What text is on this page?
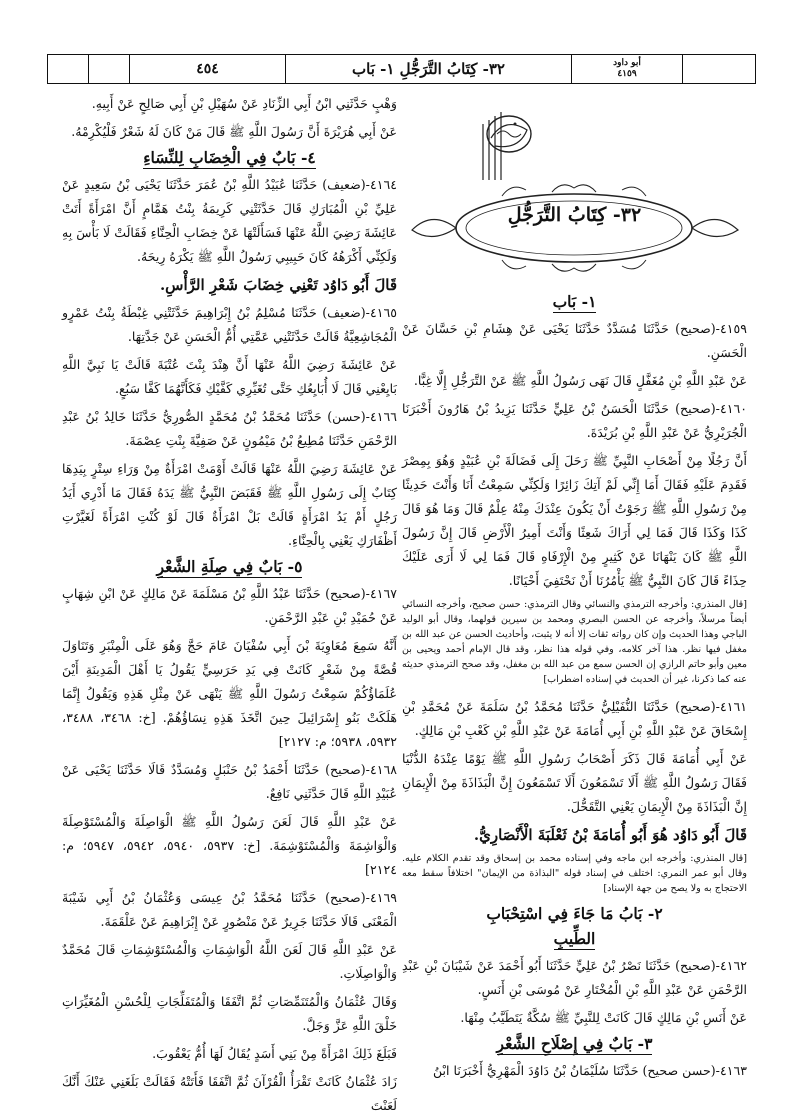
٤٥٤	٣٢- كِتَابُ التَّرَجُّلِ ١- بَاب	أبو داود
٤١٥٩

وَهْبٍ حَدَّثَنِي ابْنُ أَبِي الزِّنَادِ عَنْ سُهَيْلِ بْنِ أَبِي صَالِحٍ عَنْ أَبِيهِ.

عَنْ أَبِي هُرَيْرَةَ أَنَّ رَسُولَ اللَّهِ ﷺ قَالَ مَنْ كَانَ لَهُ شَعْرٌ فَلْيُكْرِمْهُ.

٤- بَابٌ فِي الْخِضَابِ لِلنِّسَاءِ

٤١٦٤-(ضعيف) حَدَّثَنَا عُبَيْدُ اللَّهِ بْنُ عُمَرَ حَدَّثَنَا يَحْيَى بْنُ سَعِيدٍ عَنْ عَلِيِّ بْنِ الْمُبَارَكِ قَالَ حَدَّثَتْنِي كَرِيمَةُ بِنْتُ هَمَّامٍ أَنَّ امْرَأَةً أَتَتْ عَائِشَةَ رَضِيَ اللَّهُ عَنْهَا فَسَأَلَتْهَا عَنْ خِضَابِ الْحِنَّاءِ فَقَالَتْ لَا بَأْسَ بِهِ وَلَكِنِّي أَكْرَهُهُ كَانَ حَبِيبِي رَسُولُ اللَّهِ ﷺ يَكْرَهُ رِيحَهُ.

قَالَ أَبُو دَاوُد تَعْنِي خِضَابَ شَعْرِ الرَّأْسِ.

٤١٦٥-(ضعيف) حَدَّثَنَا مُسْلِمُ بْنُ إِبْرَاهِيمَ حَدَّثَتْنِي غِبْطَةُ بِنْتُ عَمْرٍو الْمُجَاشِعِيَّةُ قَالَتْ حَدَّثَتْنِي عَمَّتِي أُمُّ الْحَسَنِ عَنْ جَدَّتِهَا.

عَنْ عَائِشَةَ رَضِيَ اللَّهُ عَنْهَا أَنَّ هِنْدَ بِنْتَ عُتْبَةَ قَالَتْ يَا نَبِيَّ اللَّهِ بَايِعْنِي قَالَ لَا أُبَايِعُكِ حَتَّى تُغَيِّرِي كَفَّيْكِ فَكَأَنَّهُمَا كَفَّا سَبُعٍ.

٤١٦٦-(حسن) حَدَّثَنَا مُحَمَّدُ بْنُ مُحَمَّدٍ الصُّورِيُّ حَدَّثَنَا خَالِدُ بْنُ عَبْدِ الرَّحْمَنِ حَدَّثَنَا مُطِيعُ بْنُ مَيْمُونٍ عَنْ صَفِيَّةَ بِنْتِ عِصْمَةَ.

عَنْ عَائِشَةَ رَضِيَ اللَّهُ عَنْهَا قَالَتْ أَوْمَتْ امْرَأَةٌ مِنْ وَرَاءِ سِتْرٍ بِيَدِهَا كِتَابٌ إِلَى رَسُولِ اللَّهِ ﷺ فَقَبَضَ النَّبِيُّ ﷺ يَدَهُ فَقَالَ مَا أَدْرِي أَيَدُ رَجُلٍ أَمْ يَدُ امْرَأَةٍ قَالَتْ بَلْ امْرَأَةٌ قَالَ لَوْ كُنْتِ امْرَأَةً لَغَيَّرْتِ أَظْفَارَكِ يَعْنِي بِالْحِنَّاءِ.

٥- بَابٌ فِي صِلَةِ الشَّعْرِ

٤١٦٧-(صحيح) حَدَّثَنَا عَبْدُ اللَّهِ بْنُ مَسْلَمَةَ عَنْ مَالِكٍ عَنْ ابْنِ شِهَابٍ عَنْ حُمَيْدِ بْنِ عَبْدِ الرَّحْمَنِ.

أَنَّهُ سَمِعَ مُعَاوِيَةَ بْنَ أَبِي سُفْيَانَ عَامَ حَجَّ وَهُوَ عَلَى الْمِنْبَرِ وَتَنَاوَلَ قُصَّةً مِنْ شَعْرٍ كَانَتْ فِي يَدِ حَرَسِيٍّ يَقُولُ يَا أَهْلَ الْمَدِينَةِ أَيْنَ عُلَمَاؤُكُمْ سَمِعْتُ رَسُولَ اللَّهِ ﷺ يَنْهَى عَنْ مِثْلِ هَذِهِ وَيَقُولُ إِنَّمَا هَلَكَتْ بَنُو إِسْرَائِيلَ حِينَ اتَّخَذَ هَذِهِ نِسَاؤُهُمْ. [خ: ٣٤٦٨، ٣٤٨٨، ٥٩٣٢، ٥٩٣٨؛ م: ٢١٢٧]

٤١٦٨-(صحيح) حَدَّثَنَا أَحْمَدُ بْنُ حَنْبَلٍ وَمُسَدَّدٌ قَالَا حَدَّثَنَا يَحْيَى عَنْ عُبَيْدِ اللَّهِ قَالَ حَدَّثَنِي نَافِعٌ.

عَنْ عَبْدِ اللَّهِ قَالَ لَعَنَ رَسُولُ اللَّهِ ﷺ الْوَاصِلَةَ وَالْمُسْتَوْصِلَةَ وَالْوَاشِمَةَ وَالْمُسْتَوْشِمَةَ. [خ: ٥٩٣٧، ٥٩٤٠، ٥٩٤٢، ٥٩٤٧؛ م: ٢١٢٤]

٤١٦٩-(صحيح) حَدَّثَنَا مُحَمَّدُ بْنُ عِيسَى وَعُثْمَانُ بْنُ أَبِي شَيْبَةَ الْمَعْنَى قَالَا حَدَّثَنَا جَرِيرٌ عَنْ مَنْصُورٍ عَنْ إِبْرَاهِيمَ عَنْ عَلْقَمَةَ.

عَنْ عَبْدِ اللَّهِ قَالَ لَعَنَ اللَّهُ الْوَاشِمَاتِ وَالْمُسْتَوْشِمَاتِ قَالَ مُحَمَّدٌ وَالْوَاصِلَاتِ.

وَقَالَ عُثْمَانُ وَالْمُتَنَمِّصَاتِ ثُمَّ اتَّفَقَا وَالْمُتَفَلِّجَاتِ لِلْحُسْنِ الْمُغَيِّرَاتِ خَلْقَ اللَّهِ عَزَّ وَجَلَّ.

فَبَلَغَ ذَلِكَ امْرَأَةً مِنْ بَنِي أَسَدٍ يُقَالُ لَهَا أُمُّ يَعْقُوبَ.

زَادَ عُثْمَانُ كَانَتْ تَقْرَأُ الْقُرْآنَ ثُمَّ اتَّفَقَا فَأَتَتْهُ فَقَالَتْ بَلَغَنِي عَنْكَ أَنَّكَ لَعَنْتَ

٣٢- كِتَابُ التَّرَجُّلِ
١- بَاب

٤١٥٩-(صحيح) حَدَّثَنَا مُسَدَّدٌ حَدَّثَنَا يَحْيَى عَنْ هِشَامِ بْنِ حَسَّانَ عَنْ الْحَسَنِ.

عَنْ عَبْدِ اللَّهِ بْنِ مُغَفَّلٍ قَالَ نَهَى رَسُولُ اللَّهِ ﷺ عَنْ التَّرَجُّلِ إِلَّا غِبًّا.

٤١٦٠-(صحيح) حَدَّثَنَا الْحَسَنُ بْنُ عَلِيٍّ حَدَّثَنَا يَزِيدُ بْنُ هَارُونَ أَخْبَرَنَا الْجُرَيْرِيُّ عَنْ عَبْدِ اللَّهِ بْنِ بُرَيْدَةَ.

أَنَّ رَجُلًا مِنْ أَصْحَابِ النَّبِيِّ ﷺ رَحَلَ إِلَى فَضَالَةَ بْنِ عُبَيْدٍ وَهُوَ بِمِصْرَ فَقَدِمَ عَلَيْهِ فَقَالَ أَمَا إِنِّي لَمْ آتِكَ زَائِرًا وَلَكِنِّي سَمِعْتُ أَنَا وَأَنْتَ حَدِيثًا مِنْ رَسُولِ اللَّهِ ﷺ رَجَوْتُ أَنْ يَكُونَ عِنْدَكَ مِنْهُ عِلْمٌ قَالَ وَمَا هُوَ قَالَ كَذَا وَكَذَا قَالَ فَمَا لِي أَرَاكَ شَعِثًا وَأَنْتَ أَمِيرُ الْأَرْضِ قَالَ إِنَّ رَسُولَ اللَّهِ ﷺ كَانَ يَنْهَانَا عَنْ كَثِيرٍ مِنْ الْإِرْفَاهِ قَالَ فَمَا لِي لَا أَرَى عَلَيْكَ حِذَاءً قَالَ كَانَ النَّبِيُّ ﷺ يَأْمُرُنَا أَنْ نَحْتَفِيَ أَحْيَانًا.

[قال المنذري: وأخرجه الترمذي والنسائي وقال الترمذي: حسن صحيح، وأخرجه النسائي أيضاً مرسلاً، وأخرجه عن الحسن البصري ومحمد بن سيرين قولهما، وقال أبو الوليد الباجي وهذا الحديث وإن كان رواته ثقات إلا أنه لا يثبت، وأحاديث الحسن عن عبد الله بن مغفل فيها نظر. هذا آخر كلامه، وفي قوله هذا نظر، وقد قال الإمام أحمد ويحيى بن معين وأبو حاتم الرازي إن الحسن سمع من عبد الله بن مغفل، وقد صحح الترمذي حديثه عنه كما ذكرنا، غير أن الحديث في إسناده اضطراب]

٤١٦١-(صحيح) حَدَّثَنَا النُّفَيْلِيُّ حَدَّثَنَا مُحَمَّدُ بْنُ سَلَمَةَ عَنْ مُحَمَّدِ بْنِ إِسْحَاقَ عَنْ عَبْدِ اللَّهِ بْنِ أَبِي أُمَامَةَ عَنْ عَبْدِ اللَّهِ بْنِ كَعْبِ بْنِ مَالِكٍ.

عَنْ أَبِي أُمَامَةَ قَالَ ذَكَرَ أَصْحَابُ رَسُولِ اللَّهِ ﷺ يَوْمًا عِنْدَهُ الدُّنْيَا فَقَالَ رَسُولُ اللَّهِ ﷺ أَلَا تَسْمَعُونَ أَلَا تَسْمَعُونَ إِنَّ الْبَذَاذَةَ مِنْ الْإِيمَانِ إِنَّ الْبَذَاذَةَ مِنْ الْإِيمَانِ يَعْنِي التَّقَحُّلَ.

قَالَ أَبُو دَاوُد هُوَ أَبُو أُمَامَةَ بْنُ ثَعْلَبَةَ الْأَنْصَارِيُّ.

[قال المنذري: وأخرجه ابن ماجه وفي إسناده محمد بن إسحاق وقد تقدم الكلام عليه. وقال أبو عمر النمري: اختلف في إسناد قوله "البذاذة من الإيمان" اختلافاً سقط معه الاحتجاج به ولا يصح من جهة الإسناد]

٢- بَابُ مَا جَاءَ فِي اسْتِحْبَابِ
الطِّيبِ

٤١٦٢-(صحيح) حَدَّثَنَا نَصْرُ بْنُ عَلِيٍّ حَدَّثَنَا أَبُو أَحْمَدَ عَنْ شَيْبَانَ بْنِ عَبْدِ الرَّحْمَنِ عَنْ عَبْدِ اللَّهِ بْنِ الْمُخْتَارِ عَنْ مُوسَى بْنِ أَنَسٍ.

عَنْ أَنَسِ بْنِ مَالِكٍ قَالَ كَانَتْ لِلنَّبِيِّ ﷺ سُكَّةٌ يَتَطَيَّبُ مِنْهَا.

٣- بَابٌ فِي إِصْلَاحِ الشَّعْرِ

٤١٦٣-(حسن صحيح) حَدَّثَنَا سُلَيْمَانُ بْنُ دَاوُدَ الْمَهْرِيُّ أَخْبَرَنَا ابْنُ
